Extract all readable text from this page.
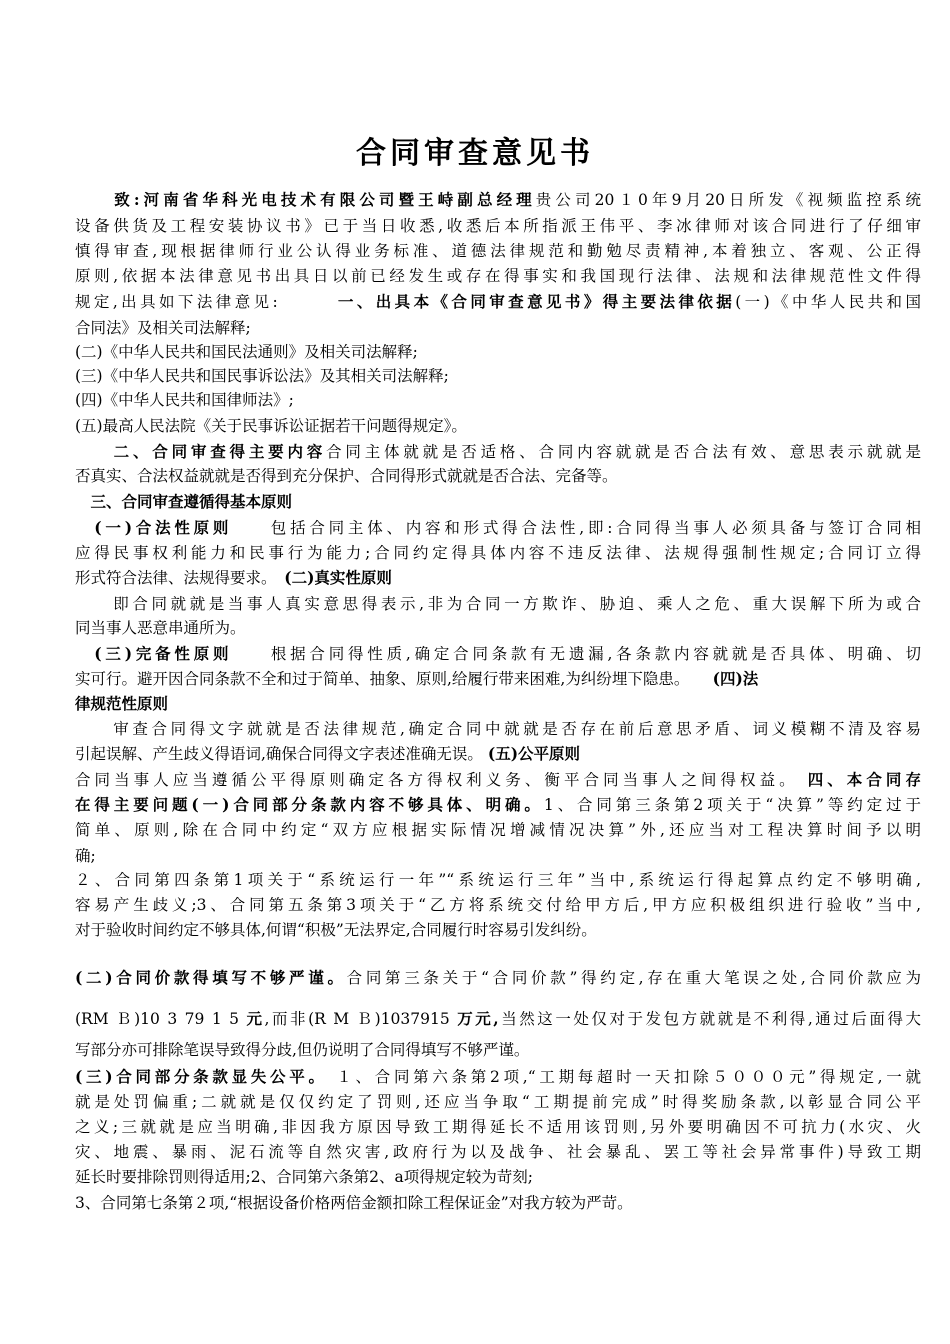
合同审查意见书
　　致:河南省华科光电技术有限公司暨王峙副总经理贵公司20１0年9月20日所发《视频监控系统
设备供货及工程安装协议书》已于当日收悉,收悉后本所指派王伟平、李冰律师对该合同进行了仔细审
慎得审查,现根据律师行业公认得业务标准、道德法律规范和勤勉尽责精神,本着独立、客观、公正得
原则,依据本法律意见书出具日以前已经发生或存在得事实和我国现行法律、法规和法律规范性文件得
规定,出具如下法律意见:　　　一、出具本《合同审查意见书》得主要法律依据(一)《中华人民共和国
合同法》及相关司法解释;
(二)《中华人民共和国民法通则》及相关司法解释;
(三)《中华人民共和国民事诉讼法》及其相关司法解释;
(四)《中华人民共和国律师法》;
(五)最高人民法院《关于民事诉讼证据若干问题得规定》。
　　二、合同审查得主要内容合同主体就就是否适格、合同内容就就是否合法有效、意思表示就就是
否真实、合法权益就就是否得到充分保护、合同得形式就就是否合法、完备等。
　三、合同审查遵循得基本原则
　(一)合法性原则　　包括合同主体、内容和形式得合法性,即:合同得当事人必须具备与签订合同相
应得民事权利能力和民事行为能力;合同约定得具体内容不违反法律、法规得强制性规定;合同订立得
形式符合法律、法规得要求。　(二)真实性原则
　　即合同就就是当事人真实意思得表示,非为合同一方欺诈、胁迫、乘人之危、重大误解下所为或合
同当事人恶意串通所为。
　(三)完备性原则　　根据合同得性质,确定合同条款有无遗漏,各条款内容就就是否具体、明确、切
实可行。避开因合同条款不全和过于简单、抽象、原则,给履行带来困难,为纠纷埋下隐患。　　(四)法
律规范性原则
　　审查合同得文字就就是否法律规范,确定合同中就就是否存在前后意思矛盾、词义模糊不清及容易
引起误解、产生歧义得语词,确保合同得文字表述准确无误。 (五)公平原则
合同当事人应当遵循公平得原则确定各方得权利义务、衡平合同当事人之间得权益。 四、本合同存
在得主要问题(一)合同部分条款内容不够具体、明确。1、合同第三条第2项关于“决算”等约定过于
简单、原则,除在合同中约定“双方应根据实际情况增减情况决算”外,还应当对工程决算时间予以明
确;
２、合同第四条第1项关于“系统运行一年”“系统运行三年”当中,系统运行得起算点约定不够明确,
容易产生歧义;3、合同第五条第3项关于“乙方将系统交付给甲方后,甲方应积极组织进行验收”当中,
对于验收时间约定不够具体,何谓“积极”无法界定,合同履行时容易引发纠纷。
(二)合同价款得填写不够严谨。合同第三条关于“合同价款”得约定,存在重大笔误之处,合同价款应为
(RM Ｂ)10 3 79 1 5 元,而非(R M Ｂ)1037915 万元,当然这一处仅对于发包方就就是不利得,通过后面得大
写部分亦可排除笔误导致得分歧,但仍说明了合同得填写不够严谨。
(三)合同部分条款显失公平。 １、合同第六条第2项,“工期每超时一天扣除５０００元”得规定,一就
就是处罚偏重;二就就是仅仅约定了罚则,还应当争取“工期提前完成”时得奖励条款,以彰显合同公平
之义;三就就是应当明确,非因我方原因导致工期得延长不适用该罚则,另外要明确因不可抗力(水灾、火
灾、地震、暴雨、泥石流等自然灾害,政府行为以及战争、社会暴乱、罢工等社会异常事件)导致工期
延长时要排除罚则得适用;2、合同第六条第2、a项得规定较为苛刻;
3、合同第七条第２项,“根据设备价格两倍金额扣除工程保证金”对我方较为严苛。
